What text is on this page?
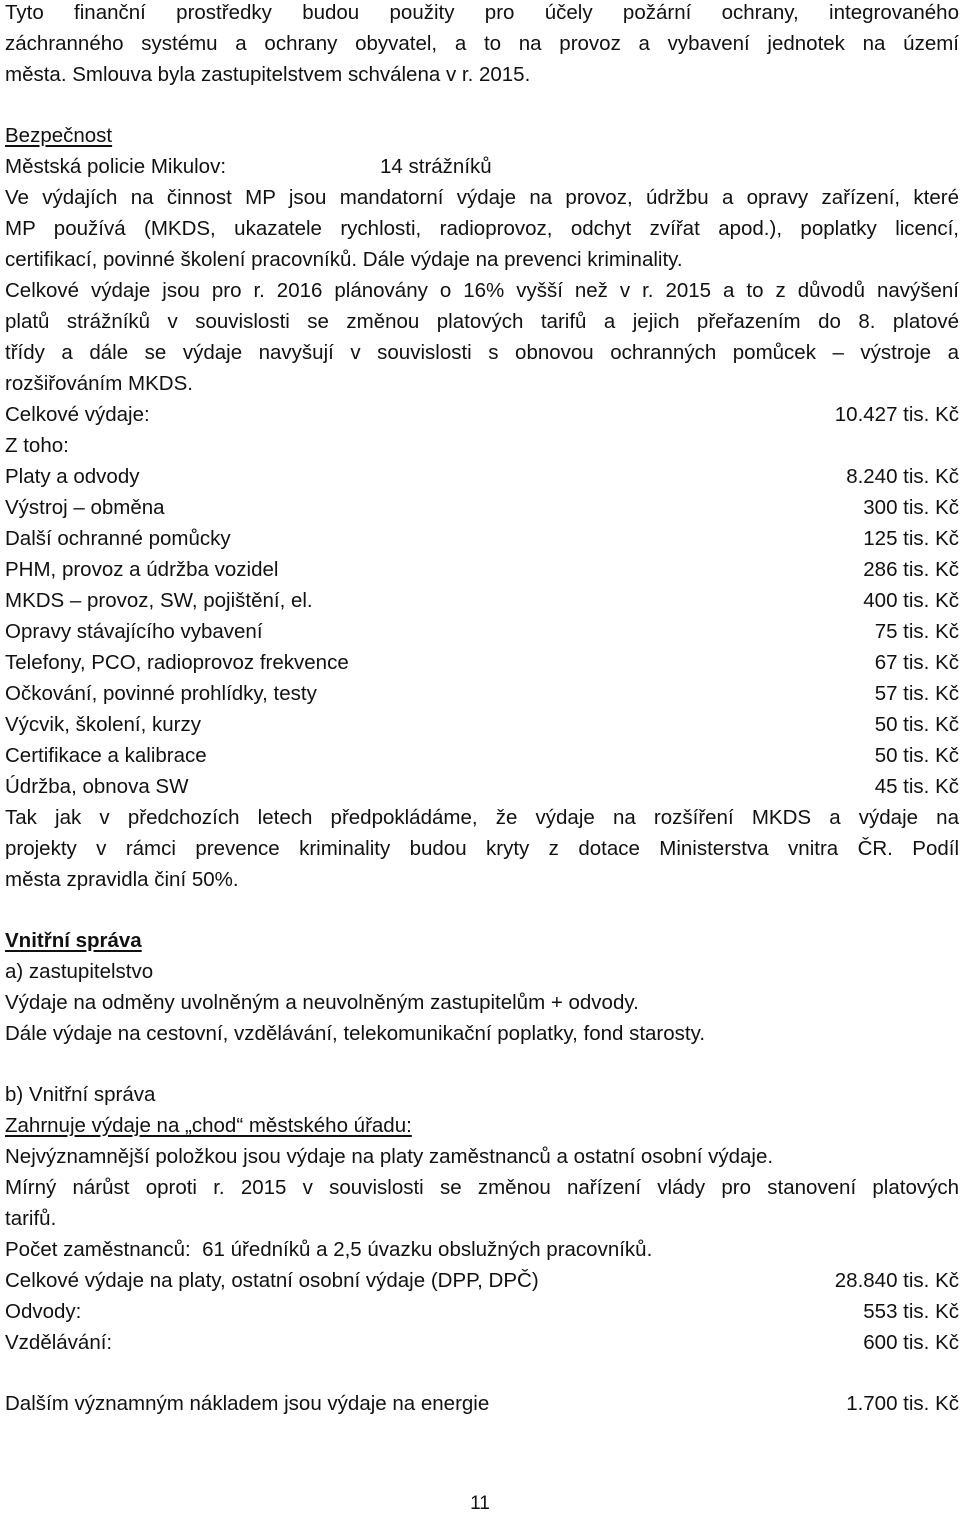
Tyto finanční prostředky budou použity pro účely požární ochrany, integrovaného
záchranného systému a ochrany obyvatel, a to na provoz a vybavení jednotek na území
města. Smlouva byla zastupitelstvem schválena v r. 2015.
Bezpečnost
Městská policie Mikulov:	14 strážníků
Ve výdajích na činnost MP jsou mandatorní výdaje na provoz, údržbu a opravy zařízení, které
MP používá (MKDS, ukazatele rychlosti, radioprovoz, odchyt zvířat apod.), poplatky licencí,
certifikací, povinné školení pracovníků. Dále výdaje na prevenci kriminality.
Celkové výdaje jsou pro r. 2016 plánovány o 16% vyšší než v r. 2015 a to z důvodů navýšení
platů strážníků v souvislosti se změnou platových tarifů a jejich přeřazením do 8. platové
třídy a dále se výdaje navyšují v souvislosti s obnovou ochranných pomůcek – výstroje a
rozšiřováním MKDS.
Celkové výdaje:	10.427 tis. Kč
Z toho:
Platy a odvody	8.240 tis. Kč
Výstroj – obměna	300 tis. Kč
Další ochranné pomůcky	125 tis. Kč
PHM, provoz a údržba vozidel	286 tis. Kč
MKDS – provoz, SW, pojištění, el.	400 tis. Kč
Opravy stávajícího vybavení	75 tis. Kč
Telefony, PCO, radioprovoz frekvence	67 tis. Kč
Očkování, povinné prohlídky, testy	57 tis. Kč
Výcvik, školení, kurzy	50 tis. Kč
Certifikace a kalibrace	50 tis. Kč
Údržba, obnova SW	45 tis. Kč
Tak jak v předchozích letech předpokládáme, že výdaje na rozšíření MKDS a výdaje na
projekty v rámci prevence kriminality budou kryty z dotace Ministerstva vnitra ČR. Podíl
města zpravidla činí 50%.
Vnitřní správa
a) zastupitelstvo
Výdaje na odměny uvolněným a neuvolněným zastupitelům + odvody.
Dále výdaje na cestovní, vzdělávání, telekomunikační poplatky, fond starosty.
b) Vnitřní správa
Zahrnuje výdaje na „chod“ městského úřadu:
Nejvýznamnější položkou jsou výdaje na platy zaměstnanců a ostatní osobní výdaje.
Mírný nárůst oproti r. 2015 v souvislosti se změnou nařízení vlády pro stanovení platových
tarifů.
Počet zaměstnanců:  61 úředníků a 2,5 úvazku obslužných pracovníků.
Celkové výdaje na platy, ostatní osobní výdaje (DPP, DPČ)	28.840 tis. Kč
Odvody:	553 tis. Kč
Vzdělávání:	600 tis. Kč
Dalším významným nákladem jsou výdaje na energie	1.700 tis. Kč
11
